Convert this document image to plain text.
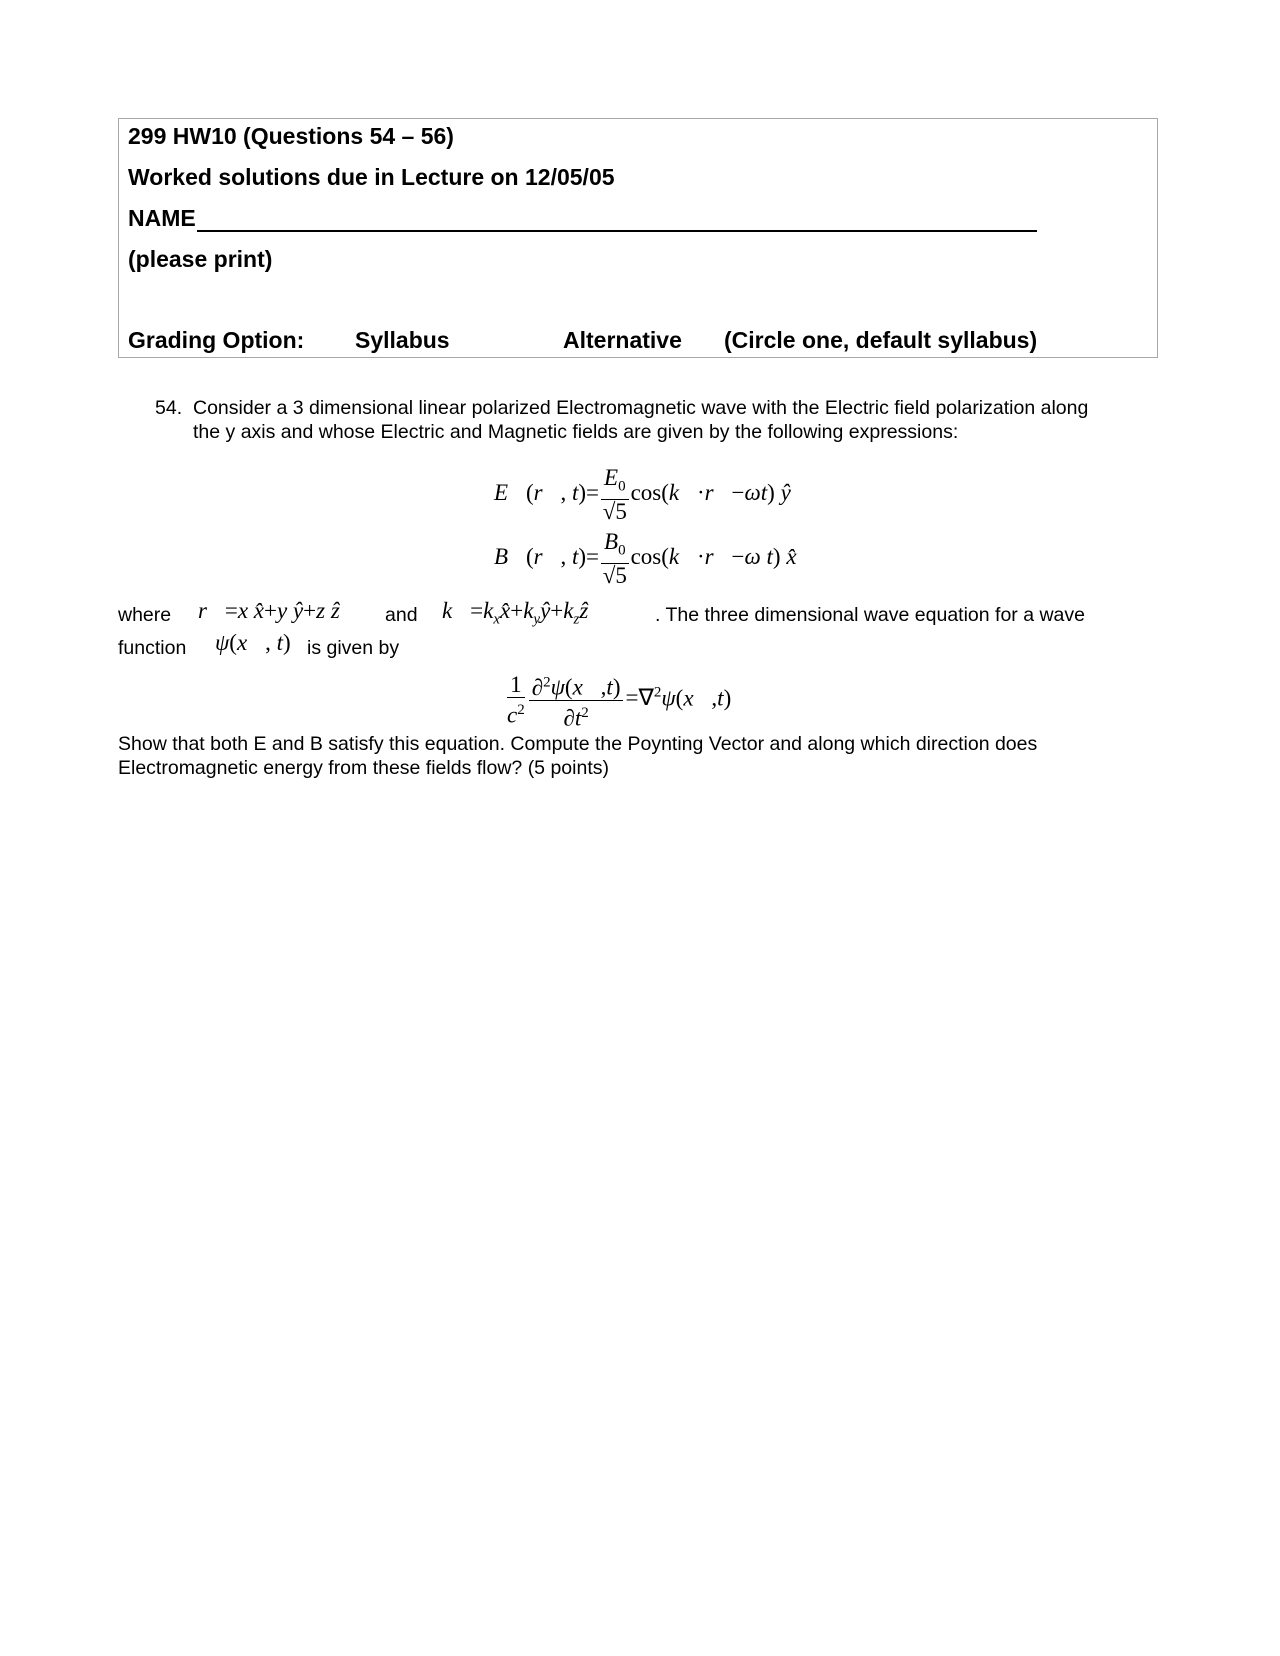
299 HW10 (Questions 54 – 56)
Worked solutions due in Lecture on 12/05/05
NAME
(please print)
Grading Option: Syllabus	Alternative (Circle one, default syllabus)
54. Consider a 3 dimensional linear polarized Electromagnetic wave with the Electric field polarization along
the y axis and whose Electric and Magnetic fields are given by the following expressions:
E⃗(r⃗, $t)= \frac{E_0}{√5}$ cos(k⃗·r⃗−ωt) ŷ
B⃗(r⃗, $t)= \frac{B_0}{√5}$ cos(k⃗·r⃗−ω t) x̂
where r⃗=x x̂+y ŷ+z ẑ and $k⃗=k_xx̂+k_yŷ+k_zẑ$	. The three dimensional wave equation for a wave
function ψ(x⃗, t) is given by
$\frac{1}{c^2} \frac{\partial^2\psi(x⃗,t)}{\partial t^2}$ =∇$^2$ψ(x⃗,t)
Show that both E and B satisfy this equation. Compute the Poynting Vector and along which direction does
Electromagnetic energy from these fields flow? (5 points)
